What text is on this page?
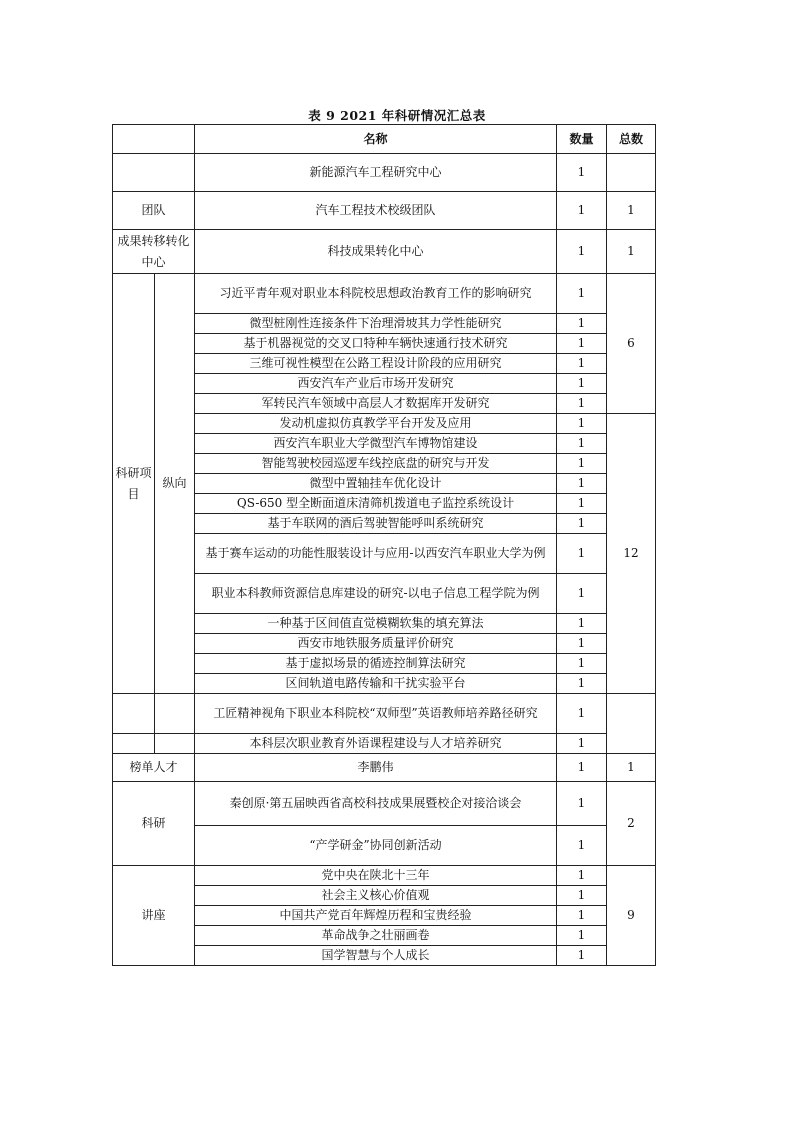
表 9 2021 年科研情况汇总表
		名称	数量	总数
		新能源汽车工程研究中心	1	
团队		汽车工程技术校级团队	1	1
成果转移转化中心		科技成果转化中心	1	1
科研项目	纵向	习近平青年观对职业本科院校思想政治教育工作的影响研究	1	6
		微型桩刚性连接条件下治理滑坡其力学性能研究	1	
		基于机器视觉的交叉口特种车辆快速通行技术研究	1	
		三维可视性模型在公路工程设计阶段的应用研究	1	
		西安汽车产业后市场开发研究	1	
		军转民汽车领域中高层人才数据库开发研究	1	
		发动机虚拟仿真教学平台开发及应用	1	12
		西安汽车职业大学微型汽车博物馆建设	1	
		智能驾驶校园巡逻车线控底盘的研究与开发	1	
		微型中置轴挂车优化设计	1	
		QS-650 型全断面道床清筛机拨道电子监控系统设计	1	
		基于车联网的酒后驾驶智能呼叫系统研究	1	
		基于赛车运动的功能性服装设计与应用-以西安汽车职业大学为例	1	
		职业本科教师资源信息库建设的研究-以电子信息工程学院为例	1	
		一种基于区间值直觉模糊软集的填充算法	1	
		西安市地铁服务质量评价研究	1	
		基于虚拟场景的循迹控制算法研究	1	
		区间轨道电路传输和干扰实验平台	1	
		工匠精神视角下职业本科院校“双师型”英语教师培养路径研究	1	
		本科层次职业教育外语课程建设与人才培养研究	1	
榜单人才		李鹏伟	1	1
科研		秦创原·第五届映西省高校科技成果展暨校企对接洽谈会	1	2
		“产学研金”协同创新活动	1	
讲座		党中央在陕北十三年	1	9
		社会主义核心价值观	1	
		中国共产党百年辉煌历程和宝贵经验	1	
		革命战争之壮丽画卷	1	
		国学智慧与个人成长	1	
